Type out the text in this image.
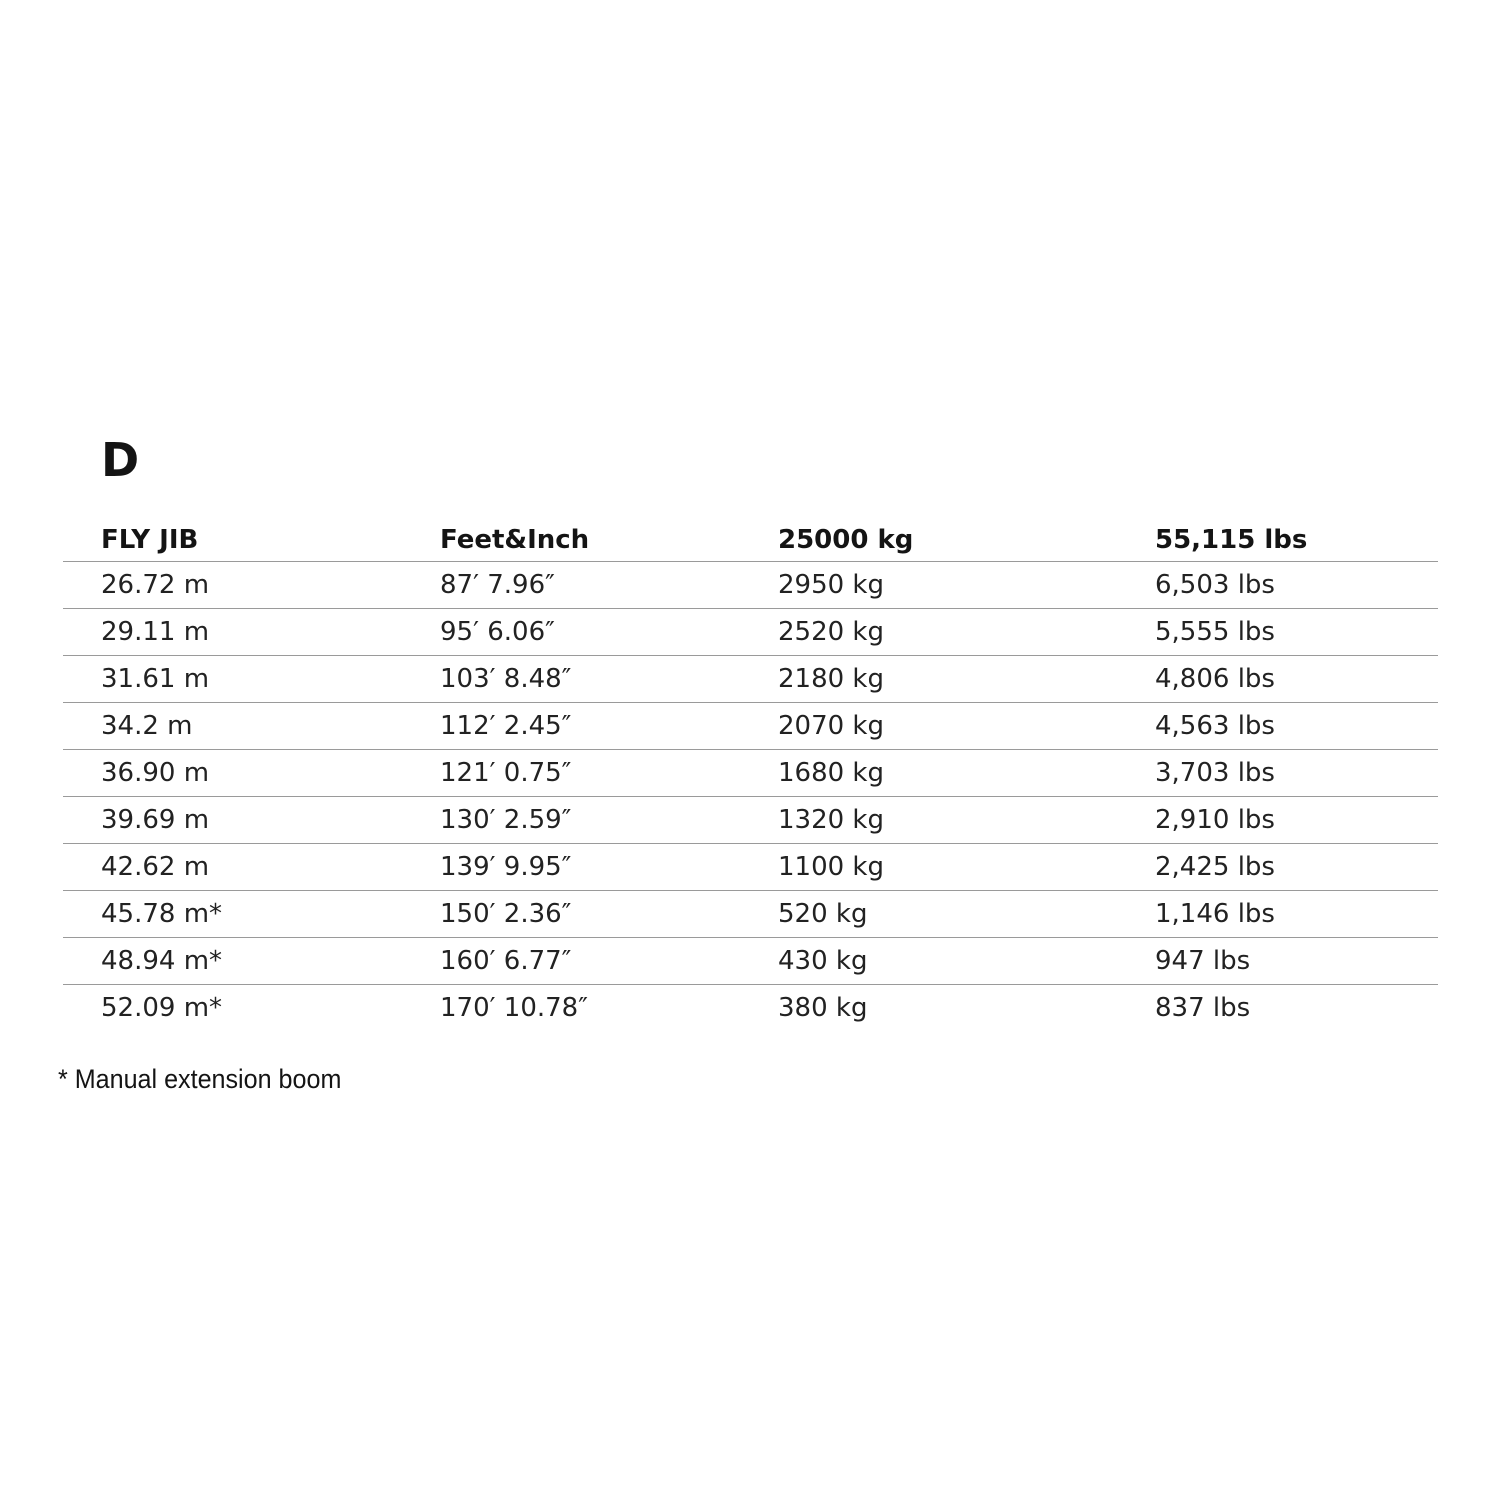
D
FLY JIB	Feet&Inch	25000 kg	55,115 lbs
26.72 m	87′ 7.96″	2950 kg	6,503 lbs
29.11 m	95′ 6.06″	2520 kg	5,555 lbs
31.61 m	103′ 8.48″	2180 kg	4,806 lbs
34.2 m	112′ 2.45″	2070 kg	4,563 lbs
36.90 m	121′ 0.75″	1680 kg	3,703 lbs
39.69 m	130′ 2.59″	1320 kg	2,910 lbs
42.62 m	139′ 9.95″	1100 kg	2,425 lbs
45.78 m*	150′ 2.36″	520 kg	1,146 lbs
48.94 m*	160′ 6.77″	430 kg	947 lbs
52.09 m*	170′ 10.78″	380 kg	837 lbs
* Manual extension boom
